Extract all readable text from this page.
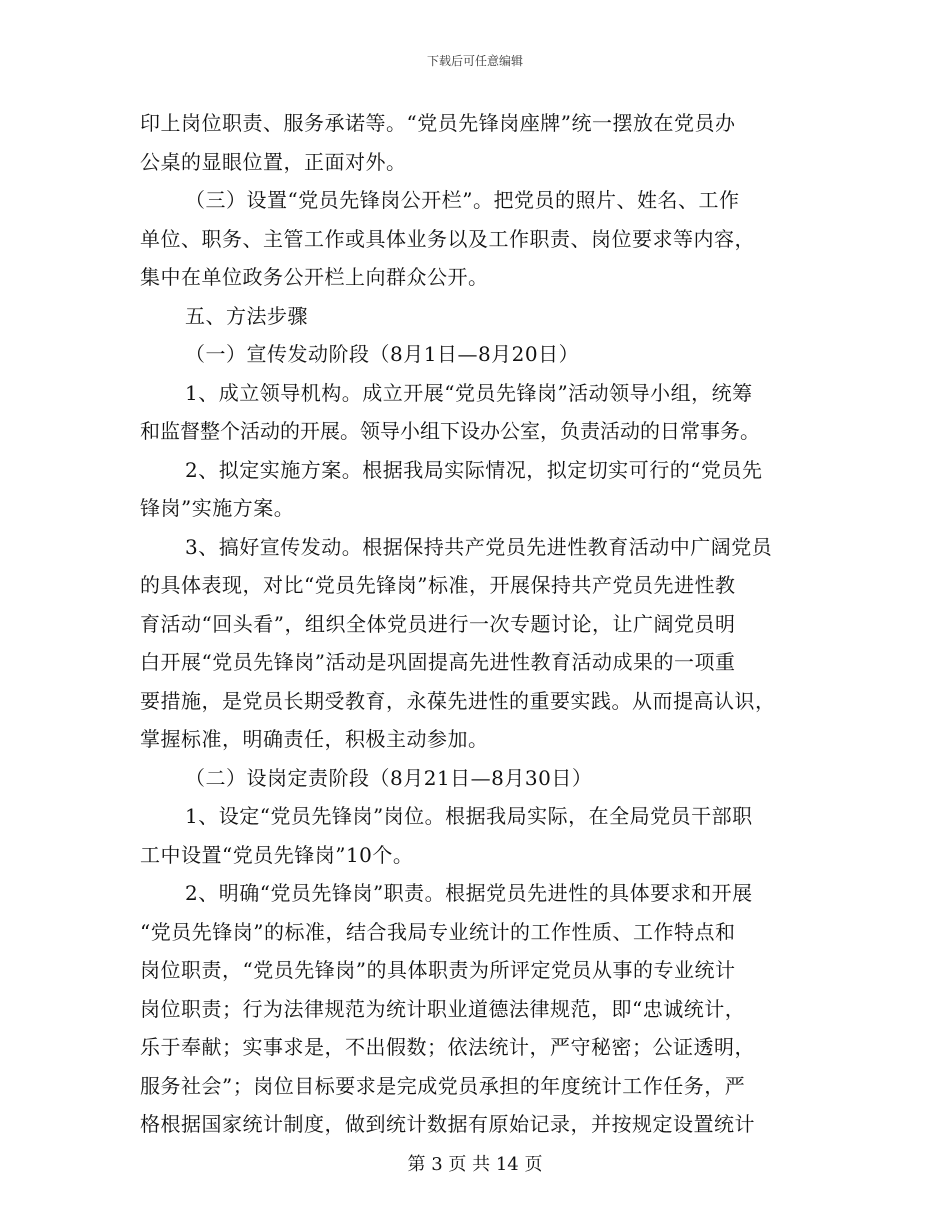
下载后可任意编辑
印上岗位职责、服务承诺等。“党员先锋岗座牌”统一摆放在党员办
公桌的显眼位置，正面对外。
（三）设置“党员先锋岗公开栏”。把党员的照片、姓名、工作
单位、职务、主管工作或具体业务以及工作职责、岗位要求等内容，
集中在单位政务公开栏上向群众公开。
五、方法步骤
（一）宣传发动阶段（8月1日—8月20日）
1、成立领导机构。成立开展“党员先锋岗”活动领导小组，统筹
和监督整个活动的开展。领导小组下设办公室，负责活动的日常事务。
2、拟定实施方案。根据我局实际情况，拟定切实可行的“党员先
锋岗”实施方案。
3、搞好宣传发动。根据保持共产党员先进性教育活动中广阔党员
的具体表现，对比“党员先锋岗”标准，开展保持共产党员先进性教
育活动“回头看”，组织全体党员进行一次专题讨论，让广阔党员明
白开展“党员先锋岗”活动是巩固提高先进性教育活动成果的一项重
要措施，是党员长期受教育，永葆先进性的重要实践。从而提高认识，
掌握标准，明确责任，积极主动参加。
（二）设岗定责阶段（8月21日—8月30日）
1、设定“党员先锋岗”岗位。根据我局实际，在全局党员干部职
工中设置“党员先锋岗”10个。
2、明确“党员先锋岗”职责。根据党员先进性的具体要求和开展
“党员先锋岗”的标准，结合我局专业统计的工作性质、工作特点和
岗位职责，“党员先锋岗”的具体职责为所评定党员从事的专业统计
岗位职责；行为法律规范为统计职业道德法律规范，即“忠诚统计，
乐于奉献；实事求是，不出假数；依法统计，严守秘密；公证透明，
服务社会”；岗位目标要求是完成党员承担的年度统计工作任务，严
格根据国家统计制度，做到统计数据有原始记录，并按规定设置统计
第 3 页 共 14 页
